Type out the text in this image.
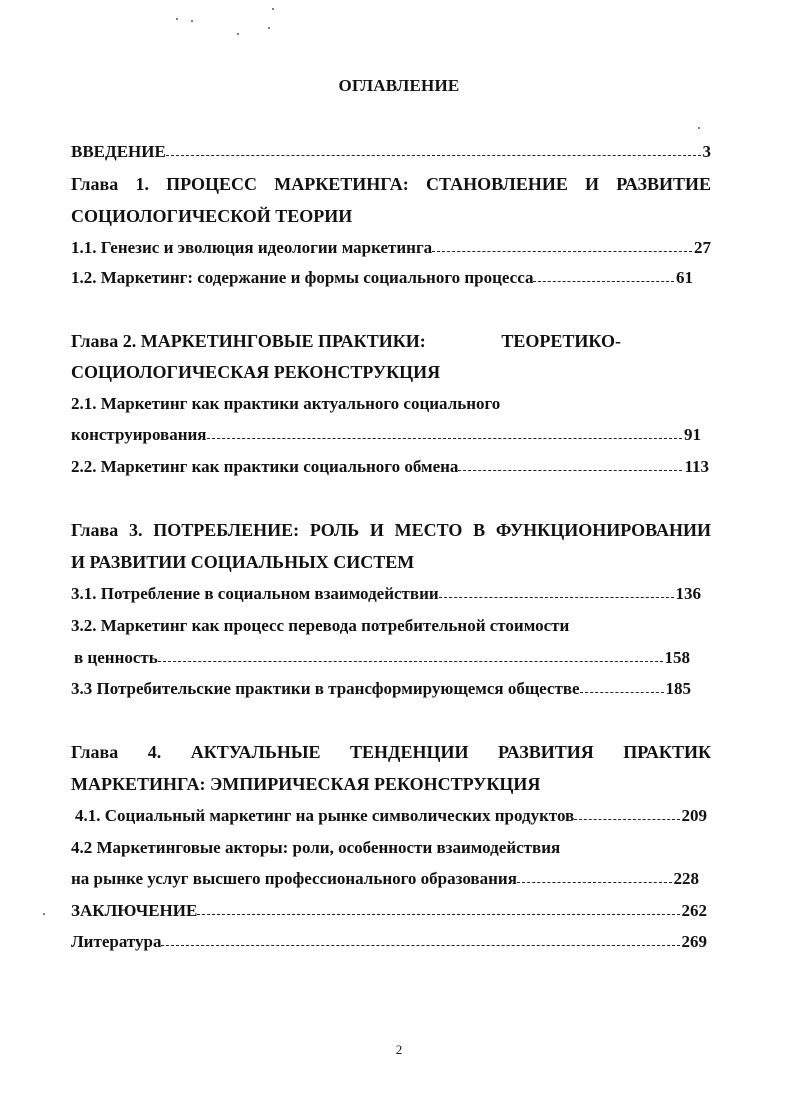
ОГЛАВЛЕНИЕ
ВВЕДЕНИЕ	3
Глава 1. ПРОЦЕСС МАРКЕТИНГА: СТАНОВЛЕНИЕ И РАЗВИТИЕ
СОЦИОЛОГИЧЕСКОЙ ТЕОРИИ
1.1. Генезис и эволюция идеологии маркетинга	27
1.2. Маркетинг: содержание и формы социального процесса	61
Глава 2. МАРКЕТИНГОВЫЕ ПРАКТИКИ:	ТЕОРЕТИКО-
СОЦИОЛОГИЧЕСКАЯ РЕКОНСТРУКЦИЯ
2.1. Маркетинг как практики актуального социального
конструирования	91
2.2. Маркетинг как практики социального обмена	113
Глава 3. ПОТРЕБЛЕНИЕ: РОЛЬ И МЕСТО В ФУНКЦИОНИРОВАНИИ
И РАЗВИТИИ СОЦИАЛЬНЫХ СИСТЕМ
3.1. Потребление в социальном взаимодействии	136
3.2. Маркетинг как процесс перевода потребительной стоимости
в ценность	158
3.3 Потребительские практики в трансформирующемся обществе	185
Глава 4. АКТУАЛЬНЫЕ ТЕНДЕНЦИИ РАЗВИТИЯ ПРАКТИК
МАРКЕТИНГА: ЭМПИРИЧЕСКАЯ РЕКОНСТРУКЦИЯ
4.1. Социальный маркетинг на рынке символических продуктов	209
4.2 Маркетинговые акторы: роли, особенности взаимодействия
на рынке услуг высшего профессионального образования	228
ЗАКЛЮЧЕНИЕ	262
Литература	269
2
